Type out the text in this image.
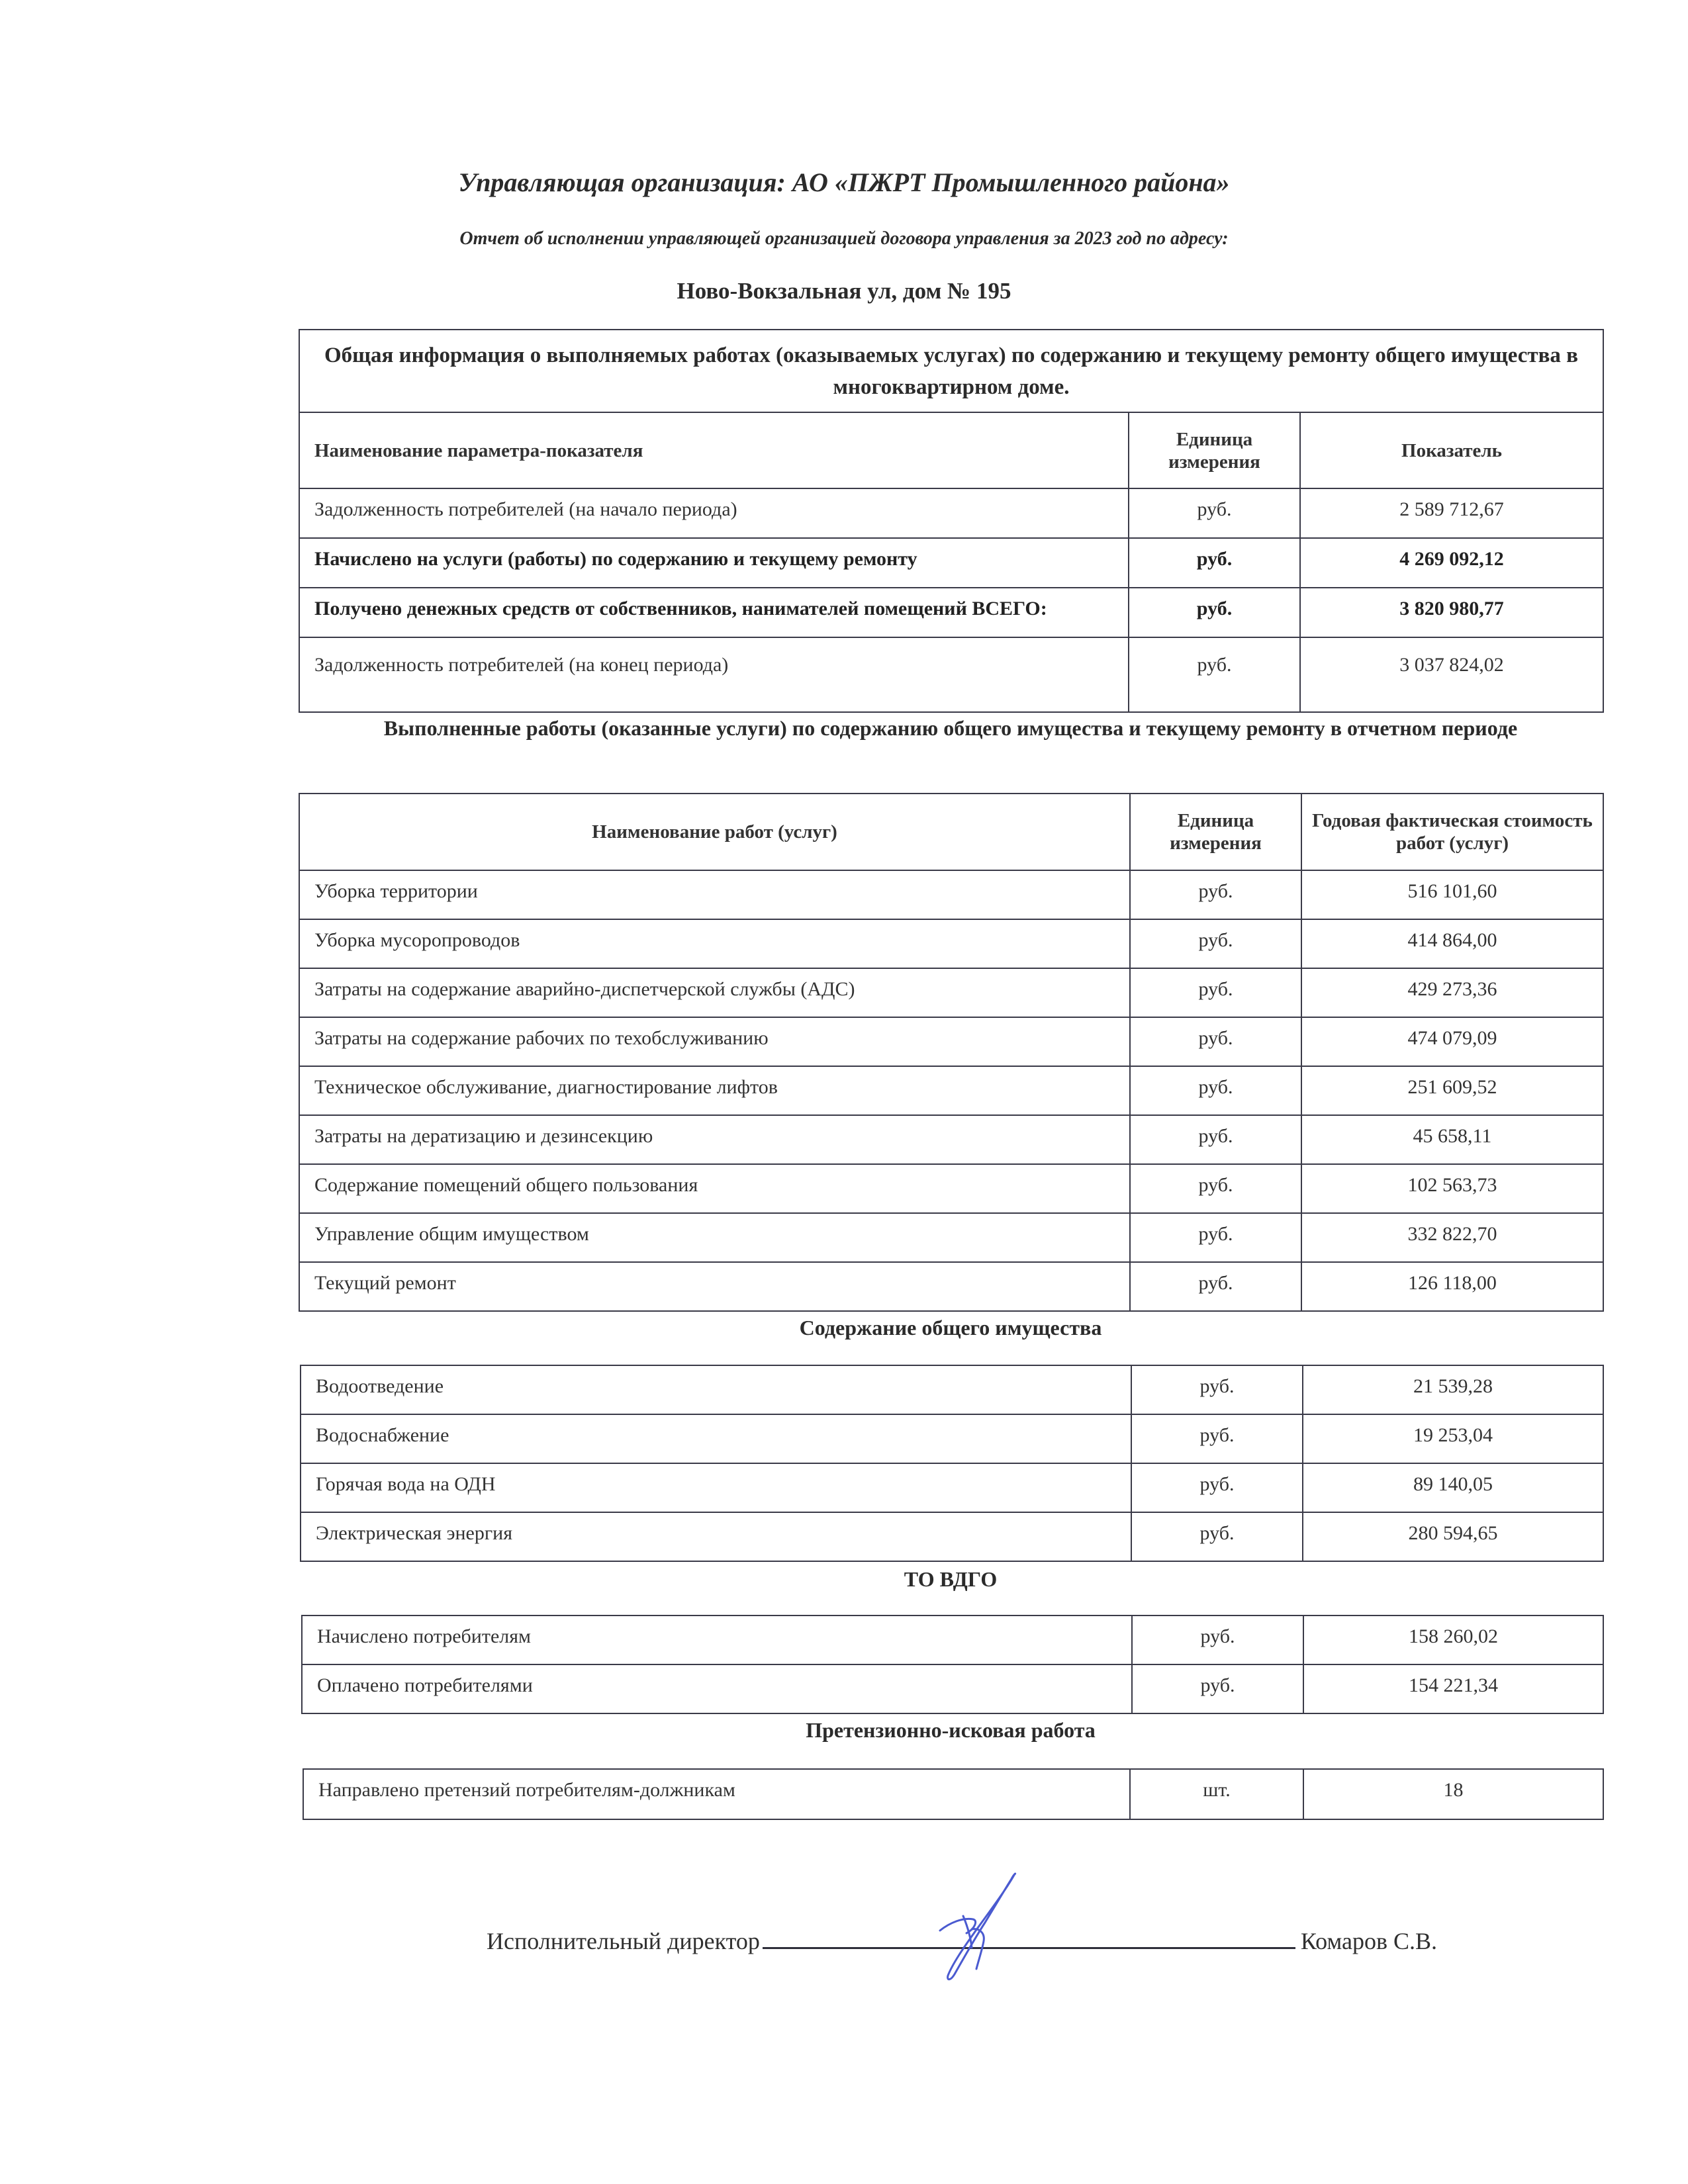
Управляющая организация: АО «ПЖРТ Промышленного района»
Отчет об исполнении управляющей организацией договора управления за 2023 год по адресу:
Ново-Вокзальная ул, дом № 195
Общая информация о выполняемых работах (оказываемых услугах) по содержанию и текущему ремонту общего имущества в многоквартирном доме.		
Наименование параметра-показателя	Единица измерения	Показатель
Задолженность потребителей (на начало периода)	руб.	2 589 712,67
Начислено на услуги (работы) по содержанию и текущему ремонту	руб.	4 269 092,12
Получено денежных средств от собственников, нанимателей помещений ВСЕГО:	руб.	3 820 980,77
Задолженность потребителей (на конец периода)	руб.	3 037 824,02
Выполненные работы (оказанные услуги) по содержанию общего имущества и текущему ремонту в отчетном периоде
Наименование работ (услуг)	Единица измерения	Годовая фактическая стоимость работ (услуг)
Уборка территории	руб.	516 101,60
Уборка мусоропроводов	руб.	414 864,00
Затраты на содержание аварийно-диспетчерской службы (АДС)	руб.	429 273,36
Затраты на содержание рабочих по техобслуживанию	руб.	474 079,09
Техническое обслуживание, диагностирование лифтов	руб.	251 609,52
Затраты на дератизацию и дезинсекцию	руб.	45 658,11
Содержание помещений общего пользования	руб.	102 563,73
Управление общим имуществом	руб.	332 822,70
Текущий ремонт	руб.	126 118,00
Содержание общего имущества
Водоотведение	руб.	21 539,28
Водоснабжение	руб.	19 253,04
Горячая вода на ОДН	руб.	89 140,05
Электрическая энергия	руб.	280 594,65
ТО ВДГО
Начислено потребителям	руб.	158 260,02
Оплачено потребителями	руб.	154 221,34
Претензионно-исковая работа
Направлено претензий потребителям-должникам	шт.	18
Исполнительный директор	Комаров С.В.
